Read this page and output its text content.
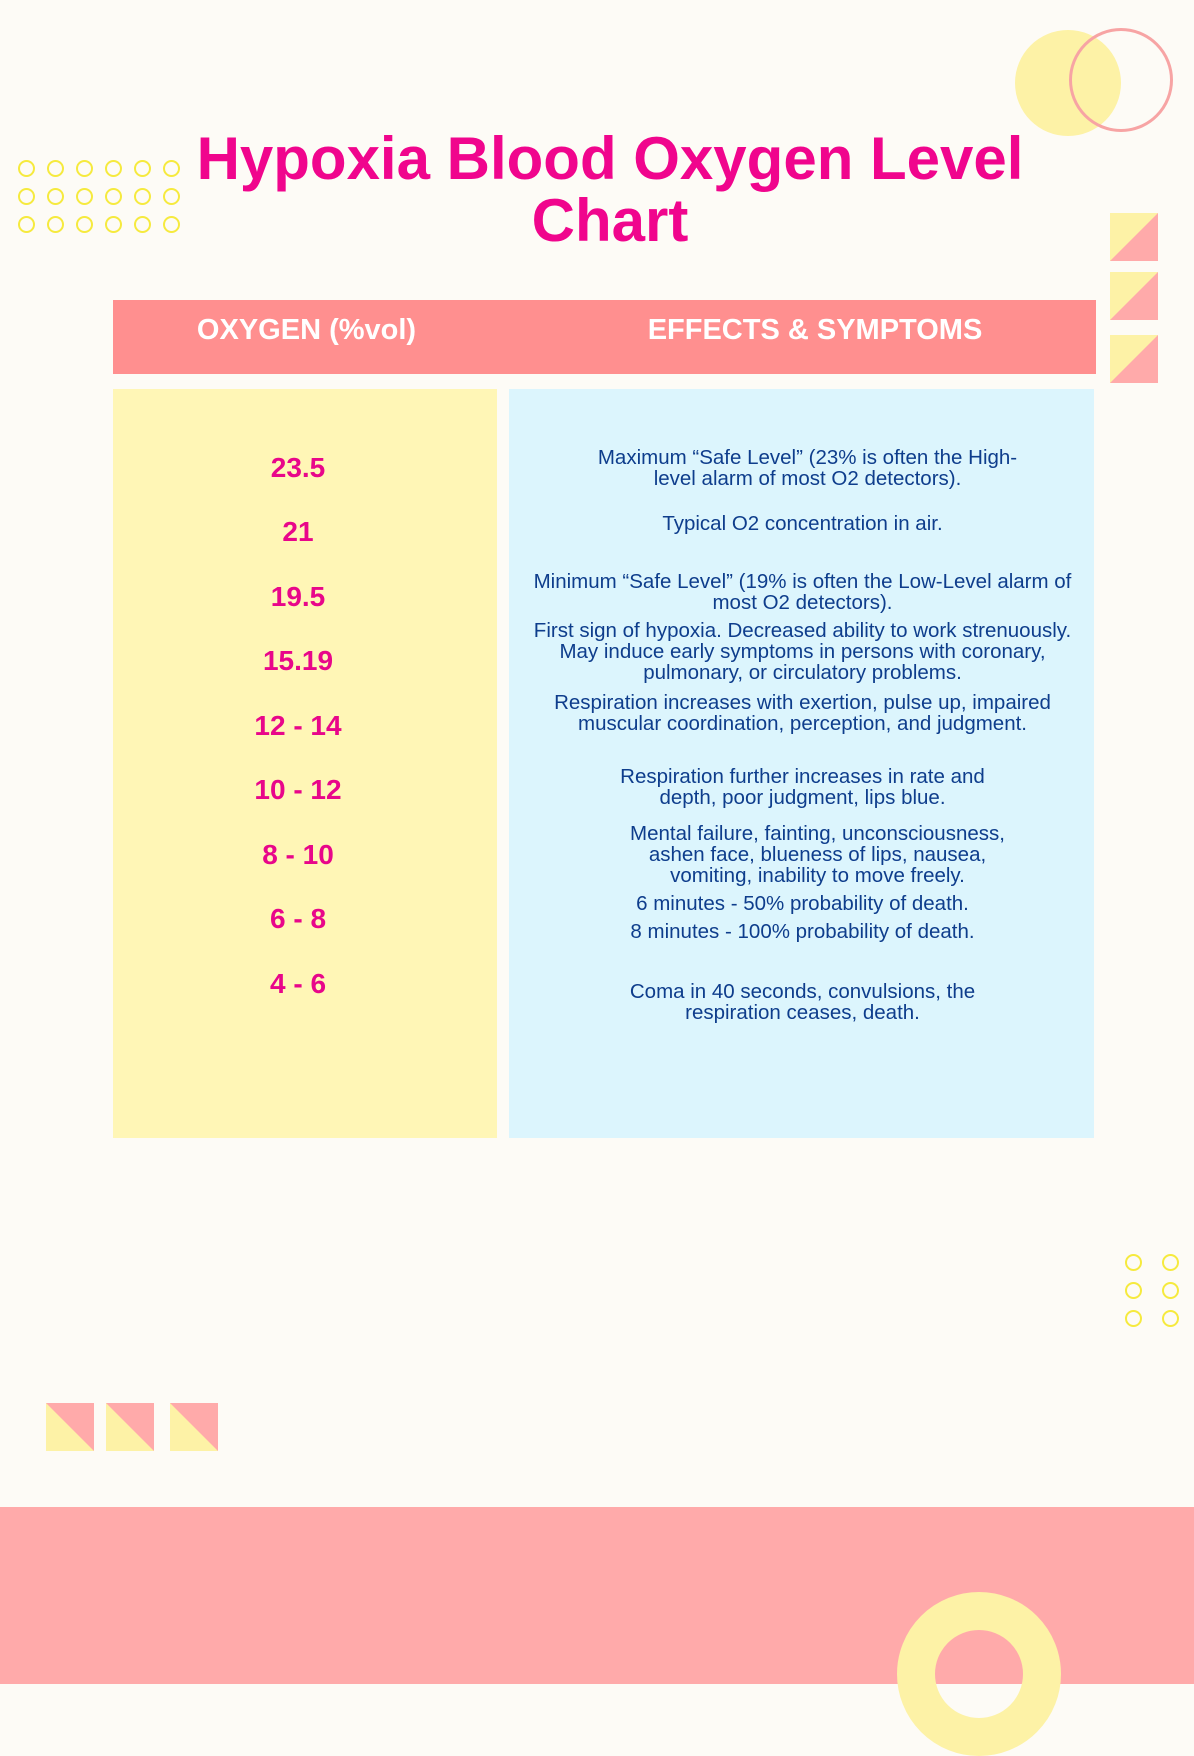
Hypoxia Blood Oxygen Level Chart
OXYGEN (%vol)	EFFECTS & SYMPTOMS
23.5
21
19.5
15.19
12 - 14
10 - 12
8 - 10
6 - 8
4 - 6
Maximum “Safe Level” (23% is often the High-level alarm of most O2 detectors).
Typical O2 concentration in air.
Minimum “Safe Level” (19% is often the Low-Level alarm of most O2 detectors).
First sign of hypoxia. Decreased ability to work strenuously. May induce early symptoms in persons with coronary, pulmonary, or circulatory problems.
Respiration increases with exertion, pulse up, impaired muscular coordination, perception, and judgment.
Respiration further increases in rate and depth, poor judgment, lips blue.
Mental failure, fainting, unconsciousness, ashen face, blueness of lips, nausea, vomiting, inability to move freely.
6 minutes - 50% probability of death.
8 minutes - 100% probability of death.
Coma in 40 seconds, convulsions, the respiration ceases, death.
